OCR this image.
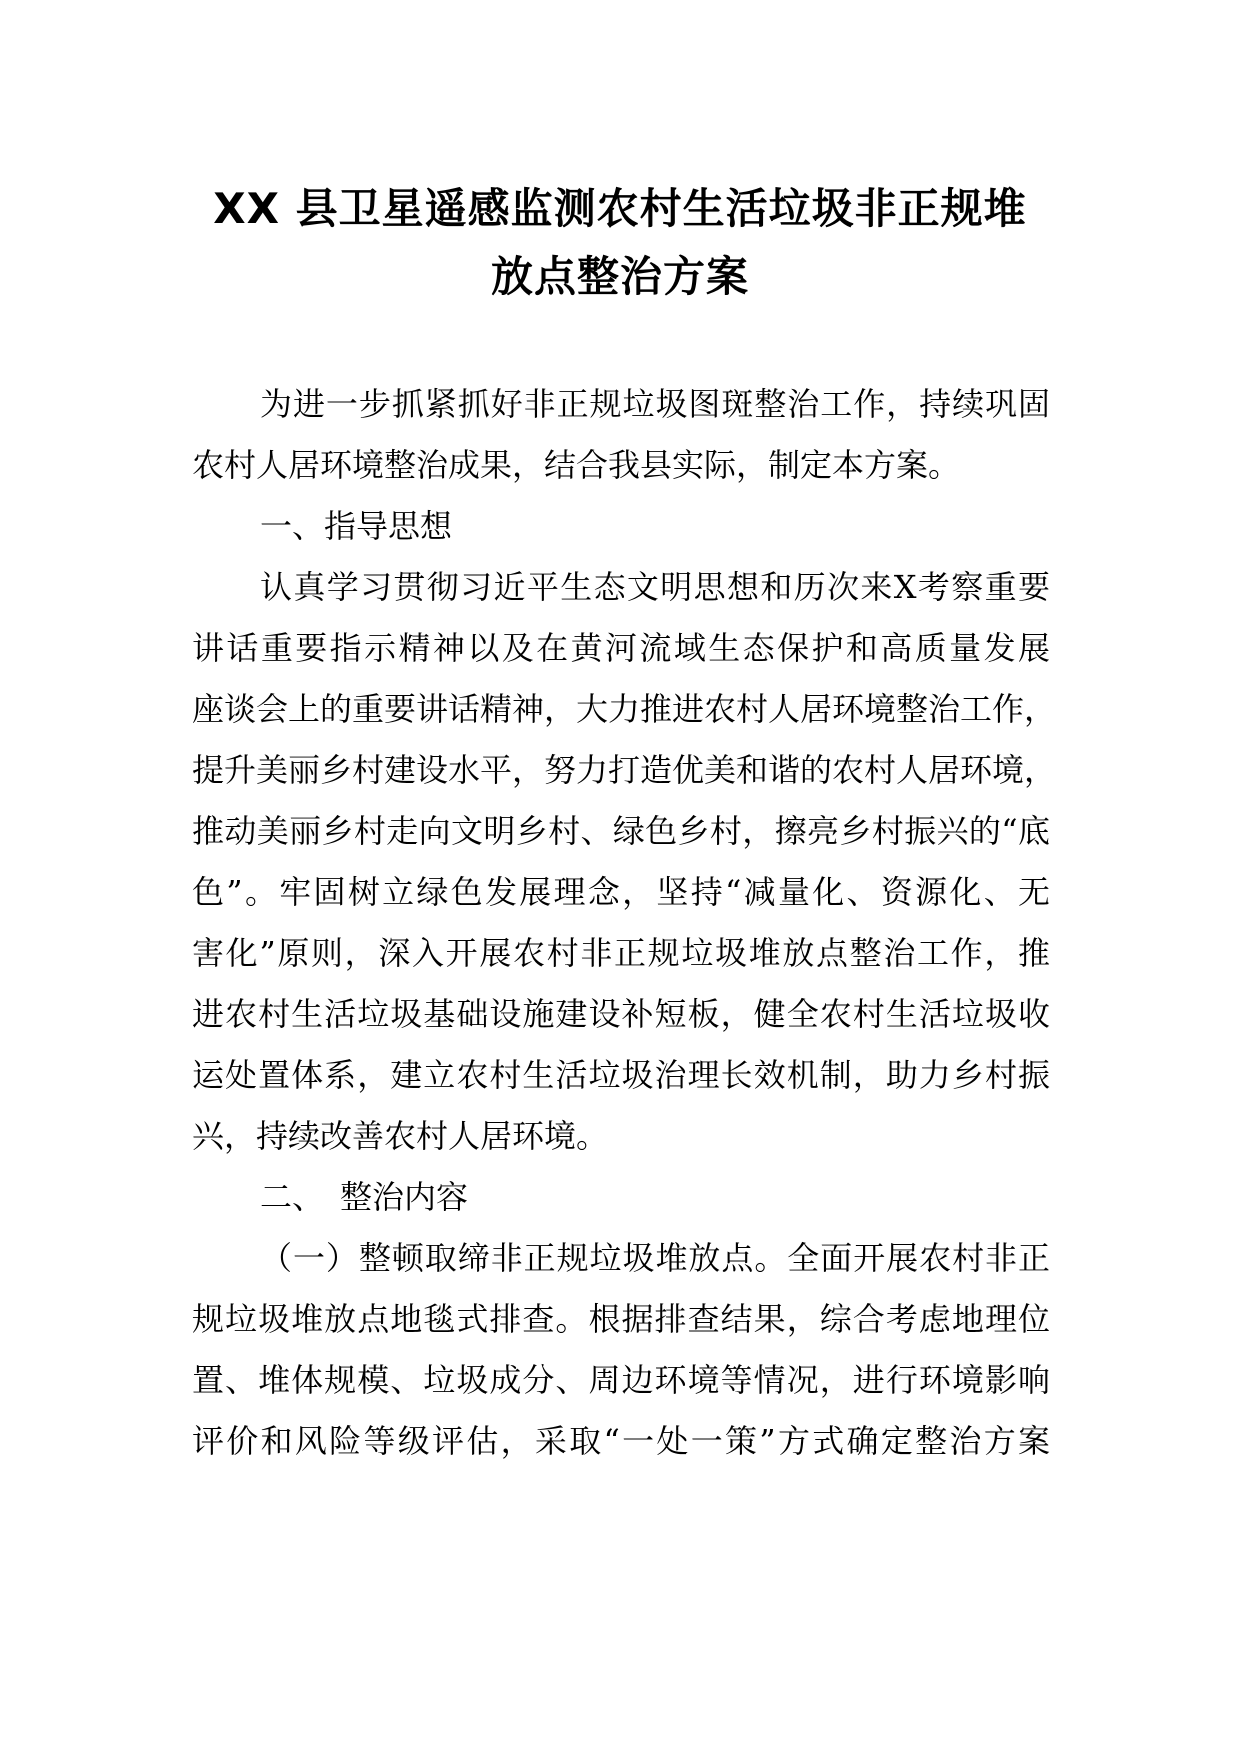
XX 县卫星遥感监测农村生活垃圾非正规堆
放点整治方案
为进一步抓紧抓好非正规垃圾图斑整治工作，持续巩固
农村人居环境整治成果，结合我县实际，制定本方案。
一、指导思想
认真学习贯彻习近平生态文明思想和历次来X考察重要
讲话重要指示精神以及在黄河流域生态保护和高质量发展
座谈会上的重要讲话精神，大力推进农村人居环境整治工作，
提升美丽乡村建设水平，努力打造优美和谐的农村人居环境，
推动美丽乡村走向文明乡村、绿色乡村，擦亮乡村振兴的“底
色”。牢固树立绿色发展理念，坚持“减量化、资源化、无
害化”原则，深入开展农村非正规垃圾堆放点整治工作，推
进农村生活垃圾基础设施建设补短板，健全农村生活垃圾收
运处置体系，建立农村生活垃圾治理长效机制，助力乡村振
兴，持续改善农村人居环境。
二、　整治内容
（一）整顿取缔非正规垃圾堆放点。全面开展农村非正
规垃圾堆放点地毯式排查。根据排查结果，综合考虑地理位
置、堆体规模、垃圾成分、周边环境等情况，进行环境影响
评价和风险等级评估，采取“一处一策”方式确定整治方案
